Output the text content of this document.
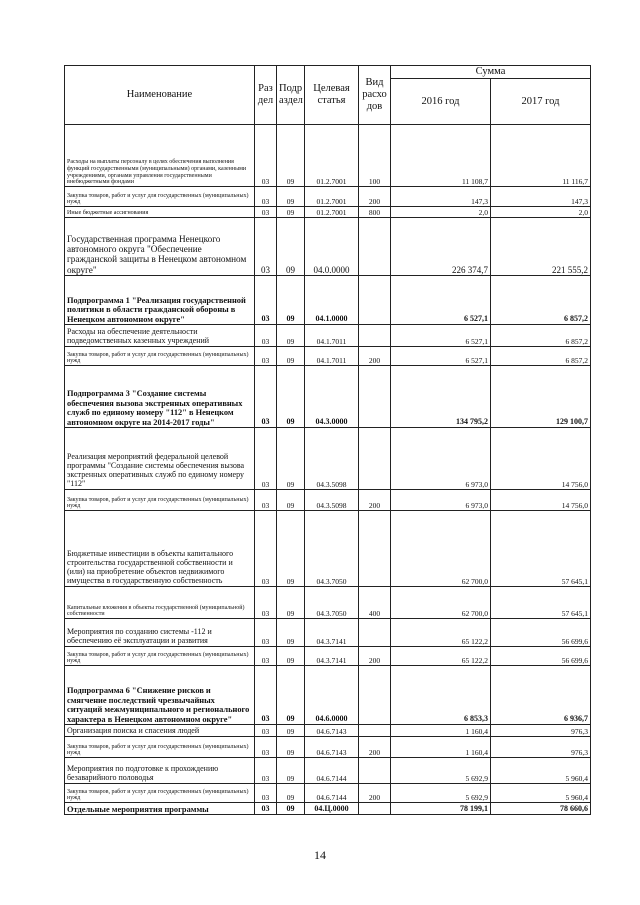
Наименование	Раз дел	Подр аздел	Целевая статья	Вид расхо дов	Сумма	
					2016 год	2017 год
Расходы на выплаты персоналу в целях обеспечения выполнения функций государственными (муниципальными) органами, казенными учреждениями, органами управления государственными внебюджетными фондами	03	09	01.2.7001	100	11 108,7	11 116,7
Закупка товаров, работ и услуг для государственных (муниципальных) нужд	03	09	01.2.7001	200	147,3	147,3
Иные бюджетные ассигнования	03	09	01.2.7001	800	2,0	2,0
Государственная программа Ненецкого автономного округа "Обеспечение гражданской защиты в Ненецком автономном округе"	03	09	04.0.0000		226 374,7	221 555,2
Подпрограмма 1 "Реализация государственной политики в области гражданской обороны в Ненецком автономном округе"	03	09	04.1.0000		6 527,1	6 857,2
Расходы на обеспечение деятельности подведомственных казенных учреждений	03	09	04.1.7011		6 527,1	6 857,2
Закупка товаров, работ и услуг для государственных (муниципальных) нужд	03	09	04.1.7011	200	6 527,1	6 857,2
Подпрограмма 3 "Создание системы обеспечения вызова экстренных оперативных служб по единому номеру "112" в Ненецком автономном округе на 2014-2017 годы"	03	09	04.3.0000		134 795,2	129 100,7
Реализация мероприятий федеральной целевой программы "Создание системы обеспечения вызова экстренных оперативных служб по единому номеру "112"	03	09	04.3.5098		6 973,0	14 756,0
Закупка товаров, работ и услуг для государственных (муниципальных) нужд	03	09	04.3.5098	200	6 973,0	14 756,0
Бюджетные инвестиции в объекты капитального строительства государственной собственности и (или) на приобретение объектов недвижимого имущества в государственную собственность	03	09	04.3.7050		62 700,0	57 645,1
Капитальные вложения в объекты государственной (муниципальной) собственности	03	09	04.3.7050	400	62 700,0	57 645,1
Мероприятия по созданию системы -112 и обеспечению её эксплуатации и развития	03	09	04.3.7141		65 122,2	56 699,6
Закупка товаров, работ и услуг для государственных (муниципальных) нужд	03	09	04.3.7141	200	65 122,2	56 699,6
Подпрограмма 6 "Снижение рисков и смягчение последствий чрезвычайных ситуаций межмуниципального и регионального характера в Ненецком автономном округе"	03	09	04.6.0000		6 853,3	6 936,7
Организация поиска и спасения людей	03	09	04.6.7143		1 160,4	976,3
Закупка товаров, работ и услуг для государственных (муниципальных) нужд	03	09	04.6.7143	200	1 160,4	976,3
Мероприятия по подготовке к прохождению безаварийного половодья	03	09	04.6.7144		5 692,9	5 960,4
Закупка товаров, работ и услуг для государственных (муниципальных) нужд	03	09	04.6.7144	200	5 692,9	5 960,4
Отдельные мероприятия программы	03	09	04.Ц.0000		78 199,1	78 660,6
14
